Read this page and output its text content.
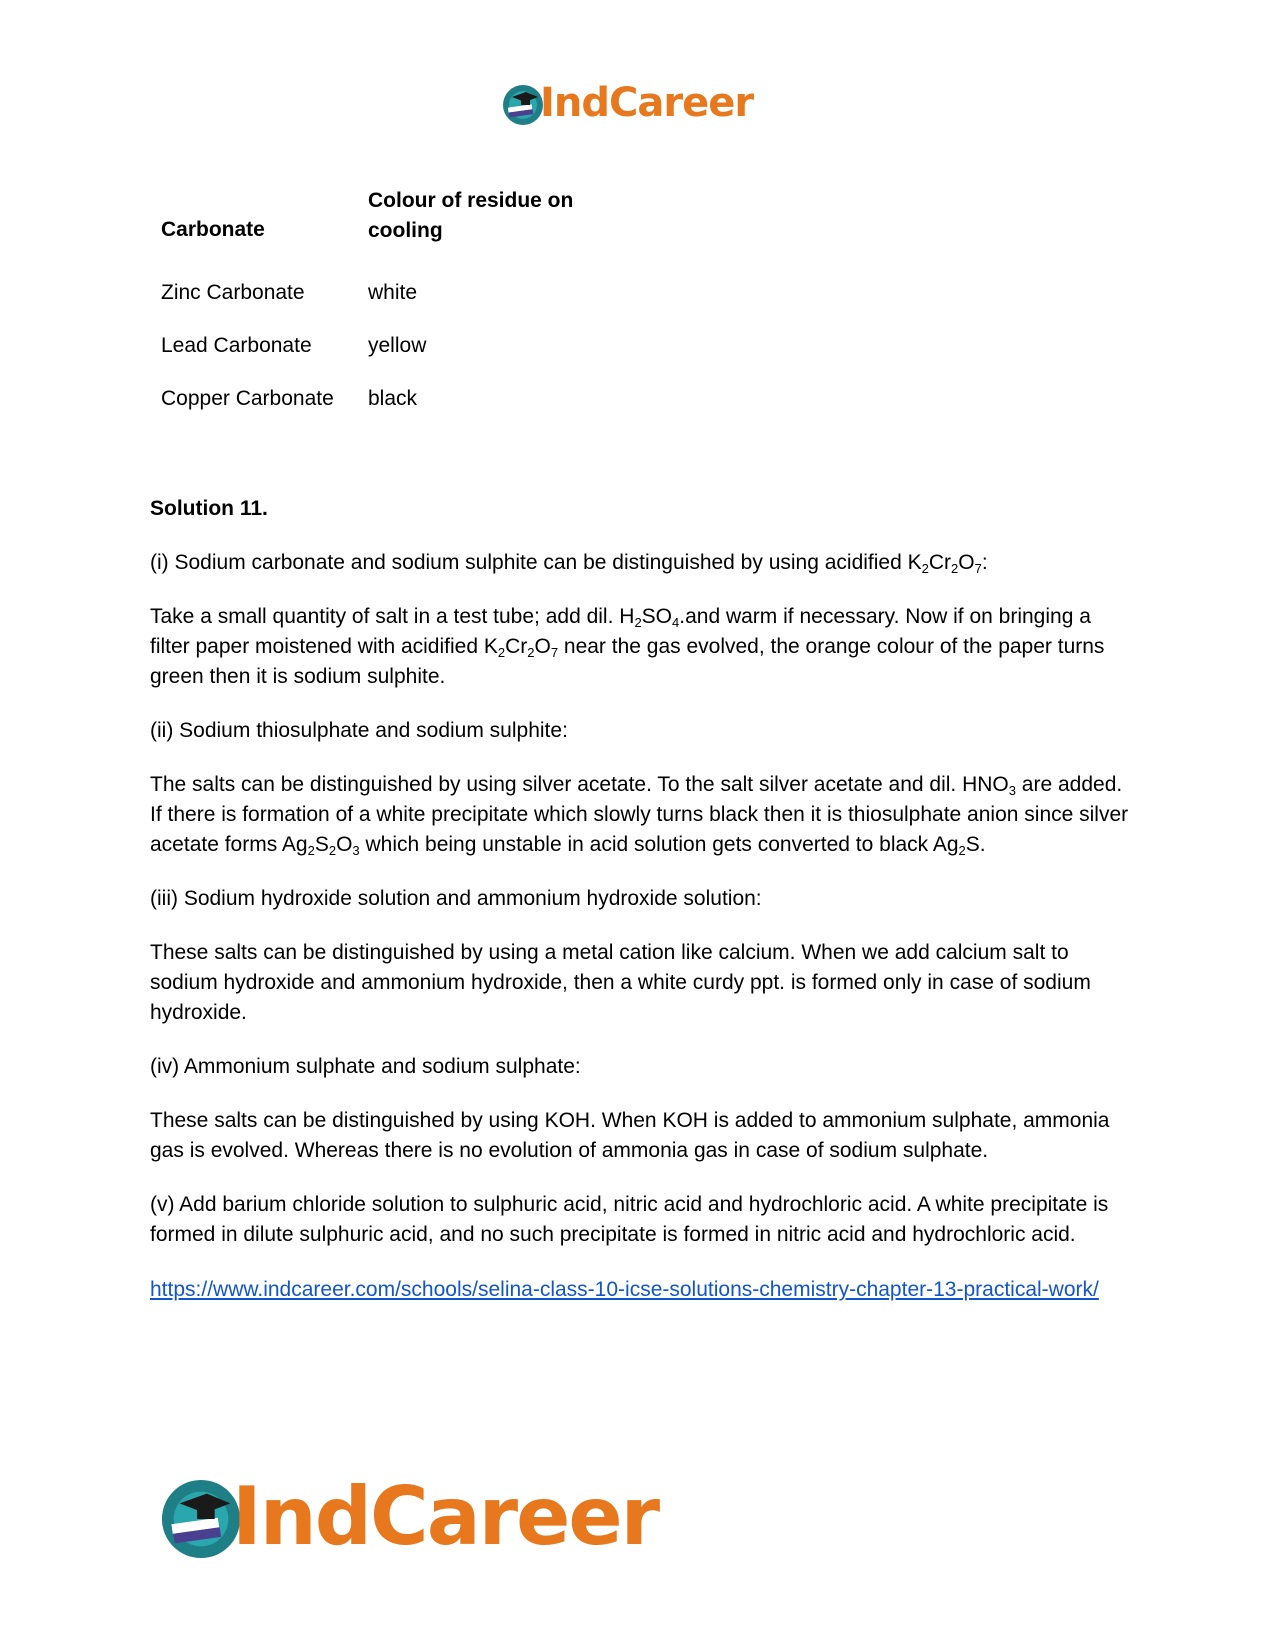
IndCareer
Carbonate	Colour of residue on cooling
Zinc Carbonate	white
Lead Carbonate	yellow
Copper Carbonate	black

Solution 11.

(i) Sodium carbonate and sodium sulphite can be distinguished by using acidified $K_2Cr_2O_7$:

Take a small quantity of salt in a test tube; add dil. $H_2SO_4.and$ warm if necessary. Now if on bringing a filter paper moistened with acidified $K_2Cr_2O_7$ near the gas evolved, the orange colour of the paper turns green then it is sodium sulphite.

(ii) Sodium thiosulphate and sodium sulphite:

The salts can be distinguished by using silver acetate. To the salt silver acetate and dil. $HNO_3$ are added. If there is formation of a white precipitate which slowly turns black then it is thiosulphate anion since silver acetate forms $Ag_2S_2O_3$ which being unstable in acid solution gets converted to black $Ag_2S$.

(iii) Sodium hydroxide solution and ammonium hydroxide solution:

These salts can be distinguished by using a metal cation like calcium. When we add calcium salt to sodium hydroxide and ammonium hydroxide, then a white curdy ppt. is formed only in case of sodium hydroxide.

(iv) Ammonium sulphate and sodium sulphate:

These salts can be distinguished by using KOH. When KOH is added to ammonium sulphate, ammonia gas is evolved. Whereas there is no evolution of ammonia gas in case of sodium sulphate.

(v) Add barium chloride solution to sulphuric acid, nitric acid and hydrochloric acid. A white precipitate is formed in dilute sulphuric acid, and no such precipitate is formed in nitric acid and hydrochloric acid.

https://www.indcareer.com/schools/selina-class-10-icse-solutions-chemistry-chapter-13-practical-work/
IndCareer
